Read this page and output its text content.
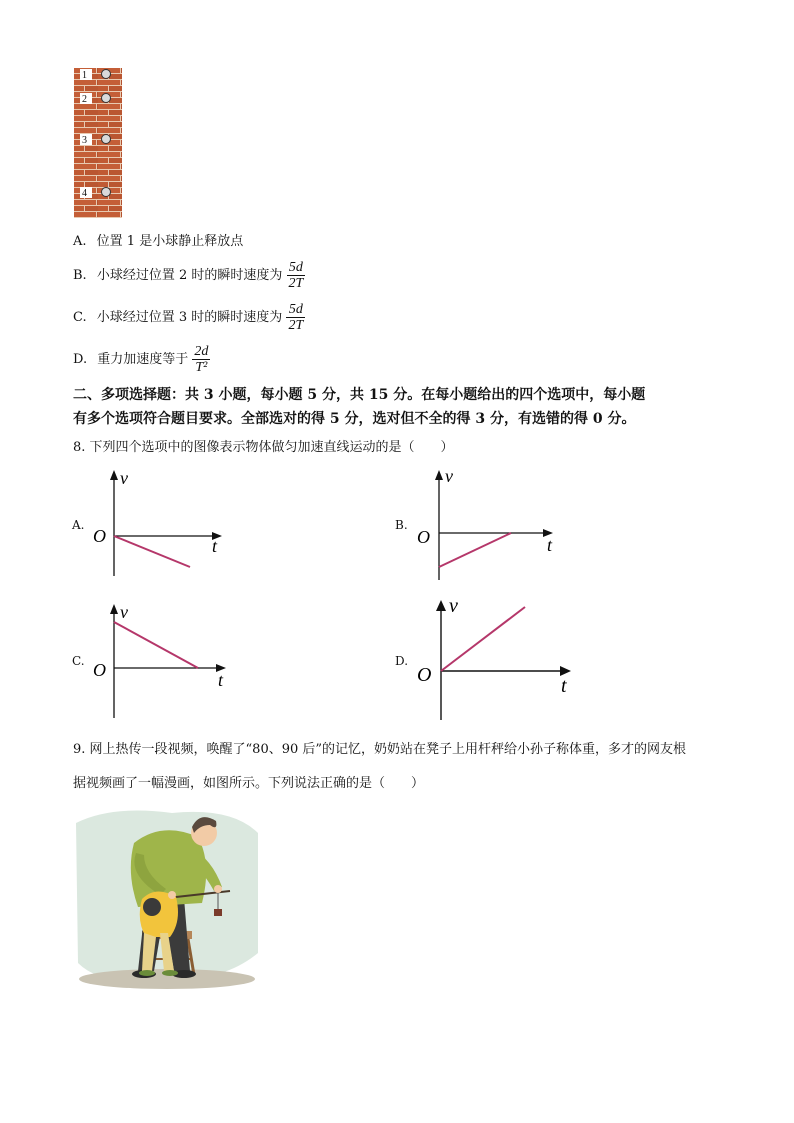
1
2
3
4
A. 位置 1 是小球静止释放点
B. 小球经过位置 2 时的瞬时速度为 $\frac{5d}{2T}$
C. 小球经过位置 3 时的瞬时速度为 $\frac{5d}{2T}$
D. 重力加速度等于 $\frac{2d}{\text{T²}}$
二、多项选择题：共 3 小题，每小题 5 分，共 15 分。在每小题给出的四个选项中，每小题
有多个选项符合题目要求。全部选对的得 5 分，选对但不全的得 3 分，有选错的得 0 分。
8. 下列四个选项中的图像表示物体做匀加速直线运动的是（　　）
A.
v
O	t
B.
v
O	t
C.
v
O	t
D.
v
O	t
9. 网上热传一段视频，唤醒了“80、90 后”的记忆，奶奶站在凳子上用杆秤给小孙子称体重，多才的网友根
据视频画了一幅漫画，如图所示。下列说法正确的是（　　）
